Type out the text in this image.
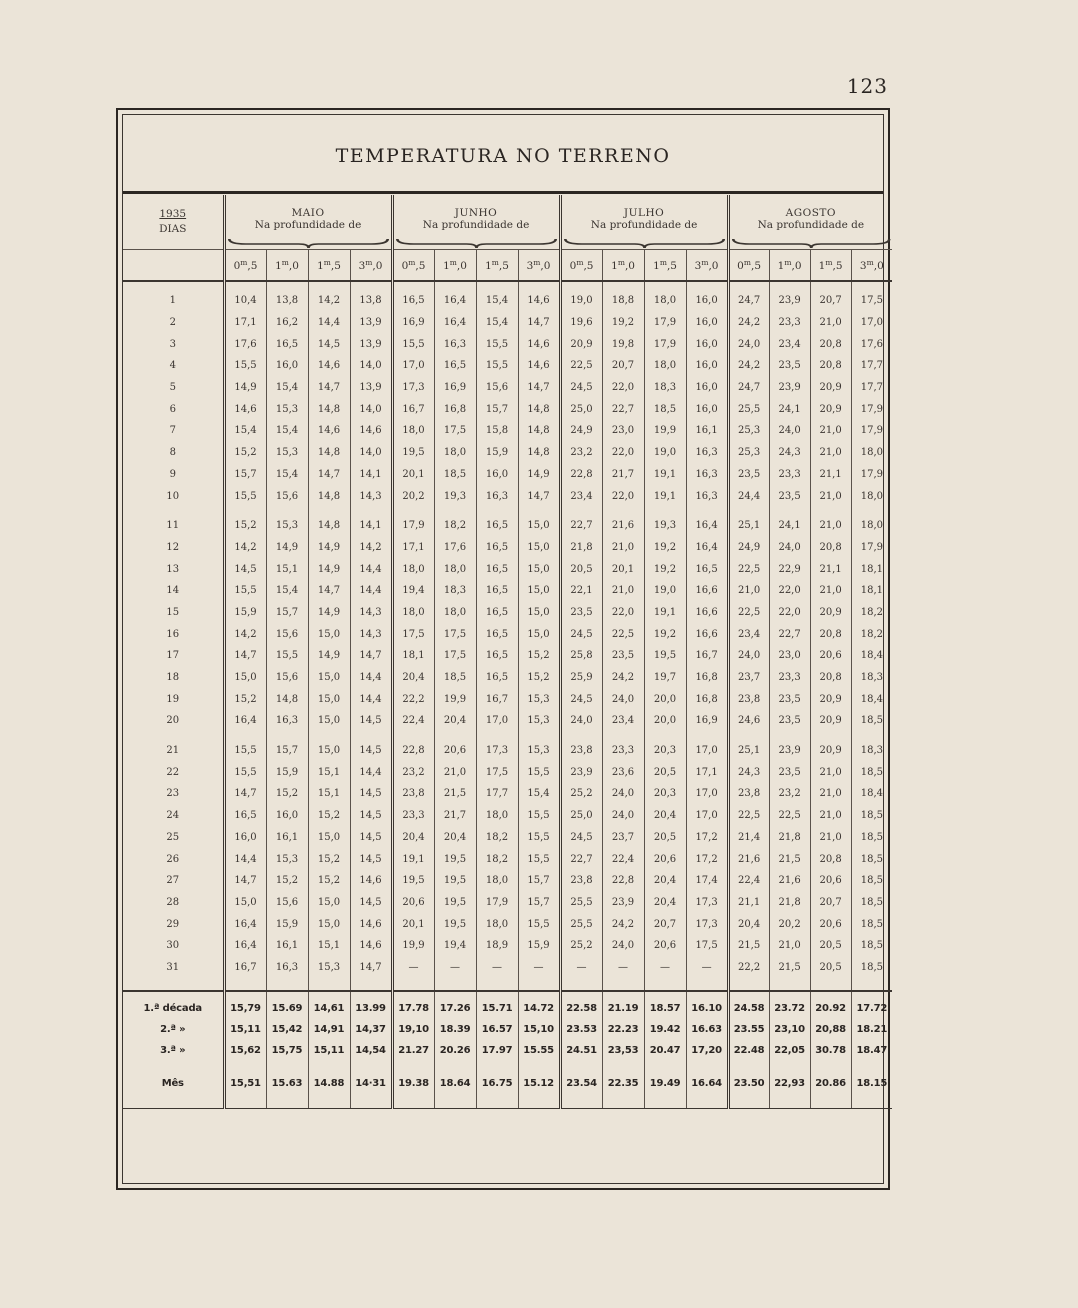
123
TEMPERATURA NO TERRENO
1935
DIAS	MAIO				JUNHO				JULHO				AGOSTO			
	Na profundidade de				Na profundidade de				Na profundidade de				Na profundidade de			

	0$^m$,5	1$^m$,0	1$^m$,5	3$^m$,0	0$^m$,5	1$^m$,0	1$^m$,5	3$^m$,0	0$^m$,5	1$^m$,0	1$^m$,5	3$^m$,0	0$^m$,5	1$^m$,0	1$^m$,5	3$^m$,0

1	10,4	13,8	14,2	13,8	16,5	16,4	15,4	14,6	19,0	18,8	18,0	16,0	24,7	23,9	20,7	17,5
2	17,1	16,2	14,4	13,9	16,9	16,4	15,4	14,7	19,6	19,2	17,9	16,0	24,2	23,3	21,0	17,0
3	17,6	16,5	14,5	13,9	15,5	16,3	15,5	14,6	20,9	19,8	17,9	16,0	24,0	23,4	20,8	17,6
4	15,5	16,0	14,6	14,0	17,0	16,5	15,5	14,6	22,5	20,7	18,0	16,0	24,2	23,5	20,8	17,7
5	14,9	15,4	14,7	13,9	17,3	16,9	15,6	14,7	24,5	22,0	18,3	16,0	24,7	23,9	20,9	17,7
6	14,6	15,3	14,8	14,0	16,7	16,8	15,7	14,8	25,0	22,7	18,5	16,0	25,5	24,1	20,9	17,9
7	15,4	15,4	14,6	14,6	18,0	17,5	15,8	14,8	24,9	23,0	19,9	16,1	25,3	24,0	21,0	17,9
8	15,2	15,3	14,8	14,0	19,5	18,0	15,9	14,8	23,2	22,0	19,0	16,3	25,3	24,3	21,0	18,0
9	15,7	15,4	14,7	14,1	20,1	18,5	16,0	14,9	22,8	21,7	19,1	16,3	23,5	23,3	21,1	17,9
10	15,5	15,6	14,8	14,3	20,2	19,3	16,3	14,7	23,4	22,0	19,1	16,3	24,4	23,5	21,0	18,0

11	15,2	15,3	14,8	14,1	17,9	18,2	16,5	15,0	22,7	21,6	19,3	16,4	25,1	24,1	21,0	18,0
12	14,2	14,9	14,9	14,2	17,1	17,6	16,5	15,0	21,8	21,0	19,2	16,4	24,9	24,0	20,8	17,9
13	14,5	15,1	14,9	14,4	18,0	18,0	16,5	15,0	20,5	20,1	19,2	16,5	22,5	22,9	21,1	18,1
14	15,5	15,4	14,7	14,4	19,4	18,3	16,5	15,0	22,1	21,0	19,0	16,6	21,0	22,0	21,0	18,1
15	15,9	15,7	14,9	14,3	18,0	18,0	16,5	15,0	23,5	22,0	19,1	16,6	22,5	22,0	20,9	18,2
16	14,2	15,6	15,0	14,3	17,5	17,5	16,5	15,0	24,5	22,5	19,2	16,6	23,4	22,7	20,8	18,2
17	14,7	15,5	14,9	14,7	18,1	17,5	16,5	15,2	25,8	23,5	19,5	16,7	24,0	23,0	20,6	18,4
18	15,0	15,6	15,0	14,4	20,4	18,5	16,5	15,2	25,9	24,2	19,7	16,8	23,7	23,3	20,8	18,3
19	15,2	14,8	15,0	14,4	22,2	19,9	16,7	15,3	24,5	24,0	20,0	16,8	23,8	23,5	20,9	18,4
20	16,4	16,3	15,0	14,5	22,4	20,4	17,0	15,3	24,0	23,4	20,0	16,9	24,6	23,5	20,9	18,5

21	15,5	15,7	15,0	14,5	22,8	20,6	17,3	15,3	23,8	23,3	20,3	17,0	25,1	23,9	20,9	18,3
22	15,5	15,9	15,1	14,4	23,2	21,0	17,5	15,5	23,9	23,6	20,5	17,1	24,3	23,5	21,0	18,5
23	14,7	15,2	15,1	14,5	23,8	21,5	17,7	15,4	25,2	24,0	20,3	17,0	23,8	23,2	21,0	18,4
24	16,5	16,0	15,2	14,5	23,3	21,7	18,0	15,5	25,0	24,0	20,4	17,0	22,5	22,5	21,0	18,5
25	16,0	16,1	15,0	14,5	20,4	20,4	18,2	15,5	24,5	23,7	20,5	17,2	21,4	21,8	21,0	18,5
26	14,4	15,3	15,2	14,5	19,1	19,5	18,2	15,5	22,7	22,4	20,6	17,2	21,6	21,5	20,8	18,5
27	14,7	15,2	15,2	14,6	19,5	19,5	18,0	15,7	23,8	22,8	20,4	17,4	22,4	21,6	20,6	18,5
28	15,0	15,6	15,0	14,5	20,6	19,5	17,9	15,7	25,5	23,9	20,4	17,3	21,1	21,8	20,7	18,5
29	16,4	15,9	15,0	14,6	20,1	19,5	18,0	15,5	25,5	24,2	20,7	17,3	20,4	20,2	20,6	18,5
30	16,4	16,1	15,1	14,6	19,9	19,4	18,9	15,9	25,2	24,0	20,6	17,5	21,5	21,0	20,5	18,5
31	16,7	16,3	15,3	14,7	—	—	—	—	—	—	—	—	22,2	21,5	20,5	18,5

1.ª década	15,79	15.69	14,61	13.99	17.78	17.26	15.71	14.72	22.58	21.19	18.57	16.10	24.58	23.72	20.92	17.72
2.ª »	15,11	15,42	14,91	14,37	19,10	18.39	16.57	15,10	23.53	22.23	19.42	16.63	23.55	23,10	20,88	18.21
3.ª »	15,62	15,75	15,11	14,54	21.27	20.26	17.97	15.55	24.51	23,53	20.47	17,20	22.48	22,05	30.78	18.47

Mês	15,51	15.63	14.88	14·31	19.38	18.64	16.75	15.12	23.54	22.35	19.49	16.64	23.50	22,93	20.86	18.15
